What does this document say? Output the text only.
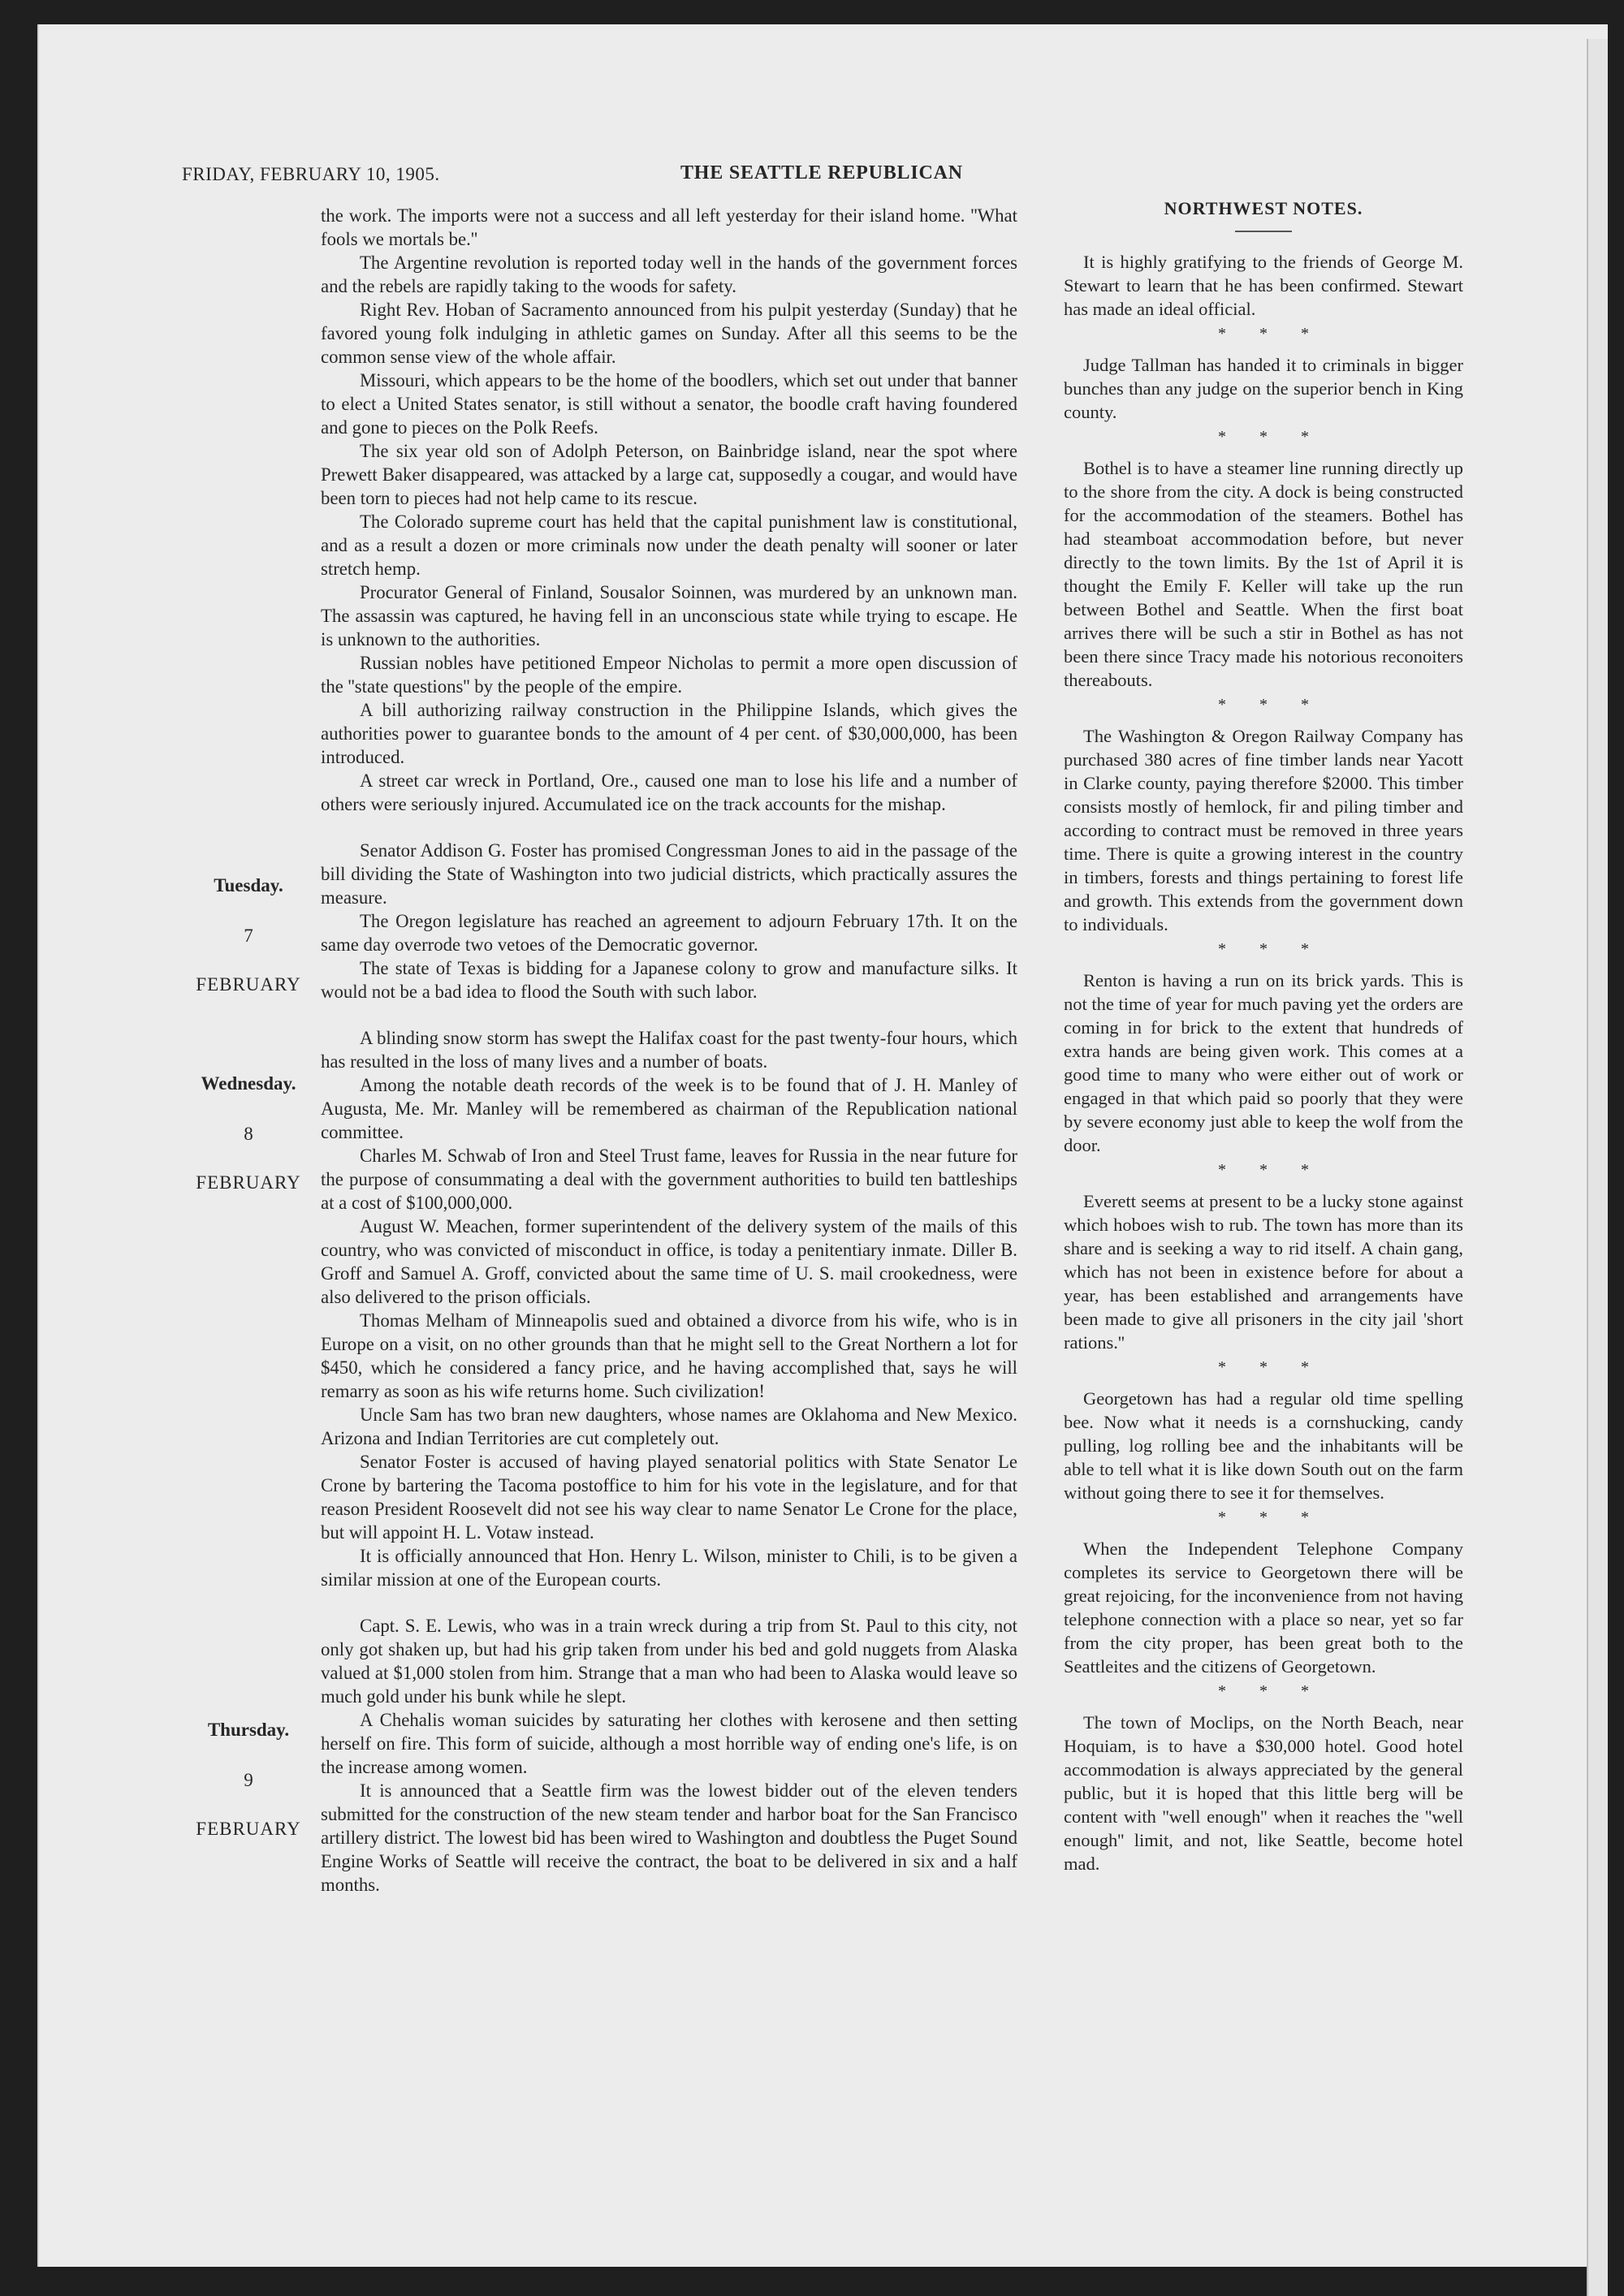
FRIDAY, FEBRUARY 10, 1905.	THE SEATTLE REPUBLICAN
Tuesday.
7
FEBRUARY
Wednesday.
8
FEBRUARY
Thursday.
9
FEBRUARY

the work. The imports were not a success and all left yesterday for their island home. ''What fools we mortals be.''

The Argentine revolution is reported today well in the hands of the government forces and the rebels are rapidly taking to the woods for safety.

Right Rev. Hoban of Sacramento announced from his pulpit yesterday (Sunday) that he favored young folk indulging in athletic games on Sunday. After all this seems to be the common sense view of the whole affair.

Missouri, which appears to be the home of the boodlers, which set out under that banner to elect a United States senator, is still without a senator, the boodle craft having foundered and gone to pieces on the Polk Reefs.

The six year old son of Adolph Peterson, on Bainbridge island, near the spot where Prewett Baker disappeared, was attacked by a large cat, supposedly a cougar, and would have been torn to pieces had not help came to its rescue.

The Colorado supreme court has held that the capital punishment law is constitutional, and as a result a dozen or more criminals now under the death penalty will sooner or later stretch hemp.

Procurator General of Finland, Sousalor Soinnen, was murdered by an unknown man. The assassin was captured, he having fell in an unconscious state while trying to escape. He is unknown to the authorities.

Russian nobles have petitioned Empeor Nicholas to permit a more open discussion of the ''state questions'' by the people of the empire.

A bill authorizing railway construction in the Philippine Islands, which gives the authorities power to guarantee bonds to the amount of 4 per cent. of $30,000,000, has been introduced.

A street car wreck in Portland, Ore., caused one man to lose his life and a number of others were seriously injured. Accumulated ice on the track accounts for the mishap.

Senator Addison G. Foster has promised Congressman Jones to aid in the passage of the bill dividing the State of Washington into two judicial districts, which practically assures the measure.

The Oregon legislature has reached an agreement to adjourn February 17th. It on the same day overrode two vetoes of the Democratic governor.

The state of Texas is bidding for a Japanese colony to grow and manufacture silks. It would not be a bad idea to flood the South with such labor.

A blinding snow storm has swept the Halifax coast for the past twenty-four hours, which has resulted in the loss of many lives and a number of boats.

Among the notable death records of the week is to be found that of J. H. Manley of Augusta, Me. Mr. Manley will be remembered as chairman of the Republication national committee.

Charles M. Schwab of Iron and Steel Trust fame, leaves for Russia in the near future for the purpose of consummating a deal with the government authorities to build ten battleships at a cost of $100,000,000.

August W. Meachen, former superintendent of the delivery system of the mails of this country, who was convicted of misconduct in office, is today a penitentiary inmate. Diller B. Groff and Samuel A. Groff, convicted about the same time of U. S. mail crookedness, were also delivered to the prison officials.

Thomas Melham of Minneapolis sued and obtained a divorce from his wife, who is in Europe on a visit, on no other grounds than that he might sell to the Great Northern a lot for $450, which he considered a fancy price, and he having accomplished that, says he will remarry as soon as his wife returns home. Such civilization!

Uncle Sam has two bran new daughters, whose names are Oklahoma and New Mexico. Arizona and Indian Territories are cut completely out.

Senator Foster is accused of having played senatorial politics with State Senator Le Crone by bartering the Tacoma postoffice to him for his vote in the legislature, and for that reason President Roosevelt did not see his way clear to name Senator Le Crone for the place, but will appoint H. L. Votaw instead.

It is officially announced that Hon. Henry L. Wilson, minister to Chili, is to be given a similar mission at one of the European courts.

Capt. S. E. Lewis, who was in a train wreck during a trip from St. Paul to this city, not only got shaken up, but had his grip taken from under his bed and gold nuggets from Alaska valued at $1,000 stolen from him. Strange that a man who had been to Alaska would leave so much gold under his bunk while he slept.

A Chehalis woman suicides by saturating her clothes with kerosene and then setting herself on fire. This form of suicide, although a most horrible way of ending one's life, is on the increase among women.

It is announced that a Seattle firm was the lowest bidder out of the eleven tenders submitted for the construction of the new steam tender and harbor boat for the San Francisco artillery district. The lowest bid has been wired to Washington and doubtless the Puget Sound Engine Works of Seattle will receive the contract, the boat to be delivered in six and a half months.

NORTHWEST NOTES.

It is highly gratifying to the friends of George M. Stewart to learn that he has been confirmed. Stewart has made an ideal official.

* * *

Judge Tallman has handed it to criminals in bigger bunches than any judge on the superior bench in King county.

* * *

Bothel is to have a steamer line running directly up to the shore from the city. A dock is being constructed for the accommodation of the steamers. Bothel has had steamboat accommodation before, but never directly to the town limits. By the 1st of April it is thought the Emily F. Keller will take up the run between Bothel and Seattle. When the first boat arrives there will be such a stir in Bothel as has not been there since Tracy made his notorious reconoiters thereabouts.

* * *

The Washington & Oregon Railway Company has purchased 380 acres of fine timber lands near Yacott in Clarke county, paying therefore $2000. This timber consists mostly of hemlock, fir and piling timber and according to contract must be removed in three years time. There is quite a growing interest in the country in timbers, forests and things pertaining to forest life and growth. This extends from the government down to individuals.

* * *

Renton is having a run on its brick yards. This is not the time of year for much paving yet the orders are coming in for brick to the extent that hundreds of extra hands are being given work. This comes at a good time to many who were either out of work or engaged in that which paid so poorly that they were by severe economy just able to keep the wolf from the door.

* * *

Everett seems at present to be a lucky stone against which hoboes wish to rub. The town has more than its share and is seeking a way to rid itself. A chain gang, which has not been in existence before for about a year, has been established and arrangements have been made to give all prisoners in the city jail 'short rations.''

* * *

Georgetown has had a regular old time spelling bee. Now what it needs is a cornshucking, candy pulling, log rolling bee and the inhabitants will be able to tell what it is like down South out on the farm without going there to see it for themselves.

* * *

When the Independent Telephone Company completes its service to Georgetown there will be great rejoicing, for the inconvenience from not having telephone connection with a place so near, yet so far from the city proper, has been great both to the Seattleites and the citizens of Georgetown.

* * *

The town of Moclips, on the North Beach, near Hoquiam, is to have a $30,000 hotel. Good hotel accommodation is always appreciated by the general public, but it is hoped that this little berg will be content with ''well enough'' when it reaches the ''well enough'' limit, and not, like Seattle, become hotel mad.
